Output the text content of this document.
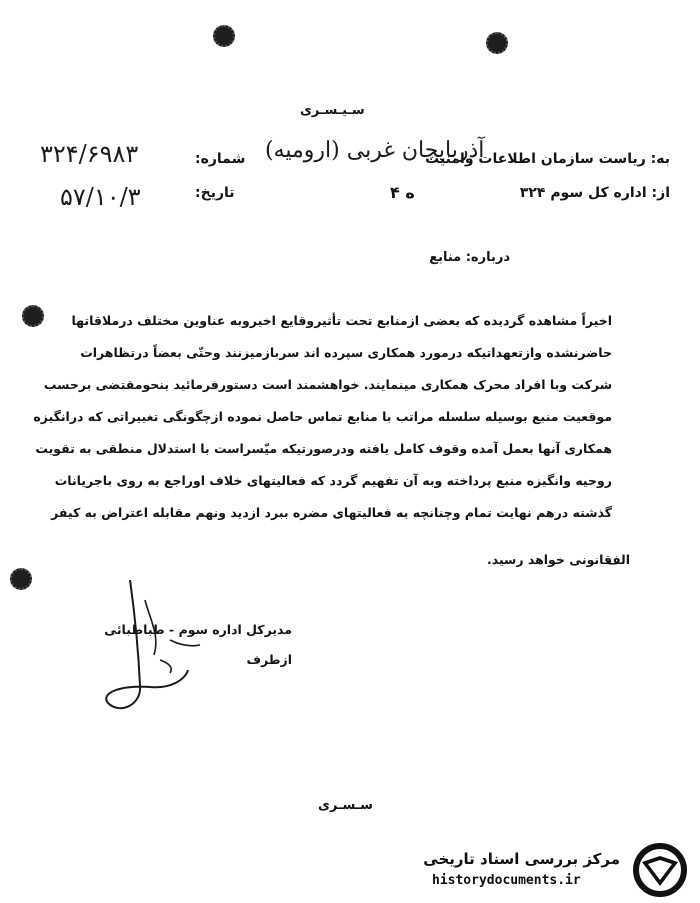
سـیـسـری
به: ریاست سازمان اطلاعات وامنیت
آذربایجان غربی (ارومیه)
شماره:
۳۲۴/۶۹۸۳
تاریخ:
۵۷/۱۰/۳	از: اداره کل سوم ۳۲۴
ه ۴
درباره: منابع
اخیراً مشاهده گردیده که بعضی ازمنابع تحت تأثیروقایع اخیروبه عناوین مختلف درملاقاتها
حاضرنشده وازتعهداتیکه درمورد همکاری سپرده اند سربازمیزنند وحتّی بعضاً درتظاهرات
شرکت وبا افراد محرک همکاری مینمایند. خواهشمند است دستورفرمائید بنحومقتضی برحسب
موقعیت منبع بوسیله سلسله مراتب با منابع تماس حاصل نموده ازچگونگی تغییراتی که درانگیزه
همکاری آنها بعمل آمده وقوف کامل یافته ودرصورتیکه میّسراست با استدلال منطقی به تقویت
روحیه وانگیزه منبع پرداخته وبه آن تفهیم گردد که فعالیتهای خلاف اوراجع به روی باجریانات
گذشته درهم نهایت تمام وچنانچه به فعالیتهای مضره ببرد ازدید ونهم مقابله اعتراض به کیفر
قانونی خواهد رسید.
الف
مدیرکل اداره سوم - طباطبائی
ازطرف
سـسـری
مرکز بررسی اسناد تاریخی
historydocuments.ir
